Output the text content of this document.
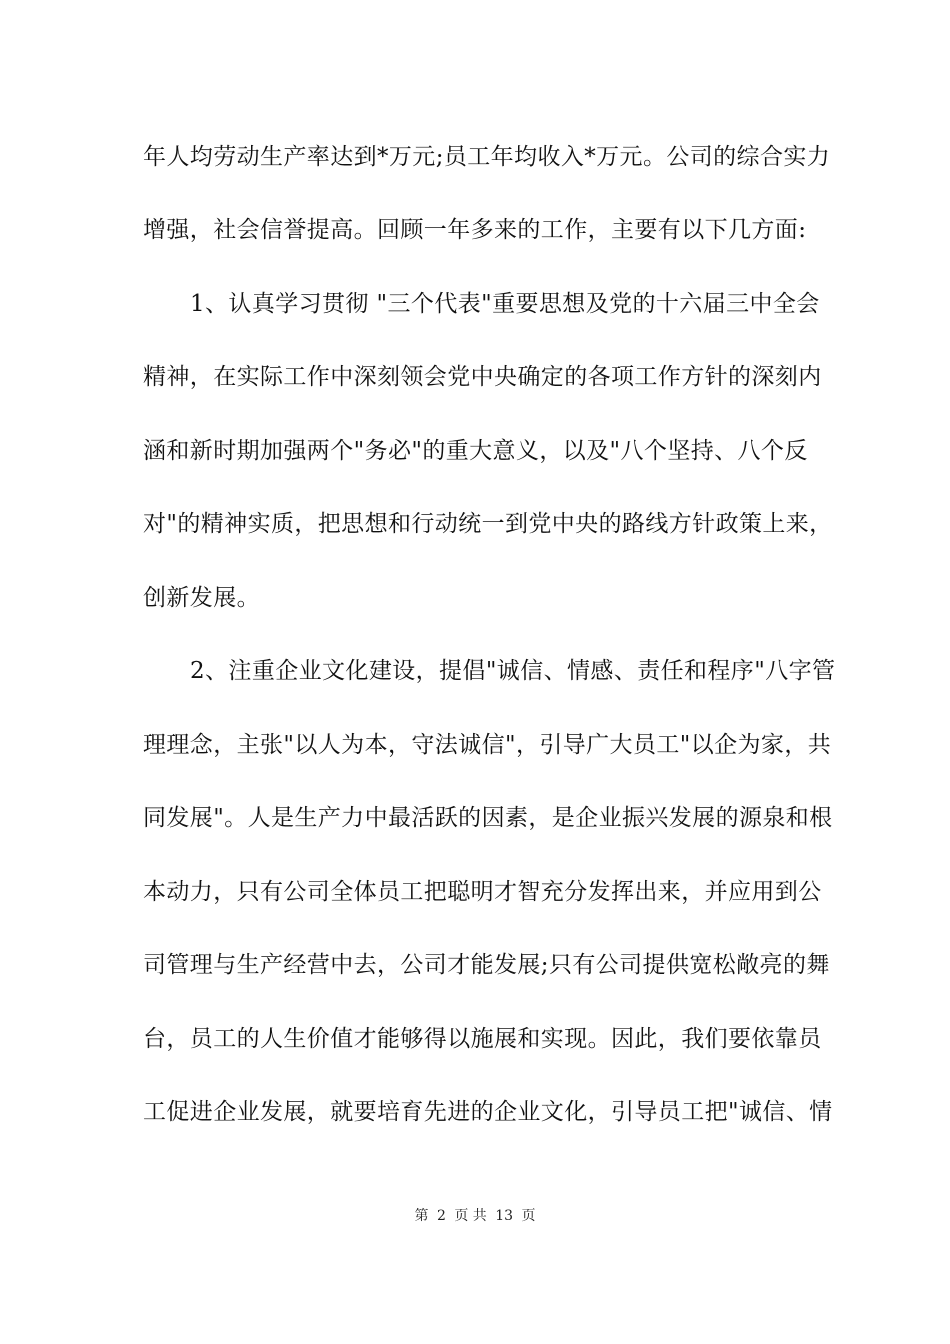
年人均劳动生产率达到*万元;员工年均收入*万元。公司的综合实力
增强，社会信誉提高。回顾一年多来的工作，主要有以下几方面:
1、认真学习贯彻 "三个代表"重要思想及党的十六届三中全会
精神，在实际工作中深刻领会党中央确定的各项工作方针的深刻内
涵和新时期加强两个"务必"的重大意义，以及"八个坚持、八个反
对"的精神实质，把思想和行动统一到党中央的路线方针政策上来，
创新发展。
2、注重企业文化建设，提倡"诚信、情感、责任和程序"八字管
理理念，主张"以人为本，守法诚信"，引导广大员工"以企为家，共
同发展"。人是生产力中最活跃的因素，是企业振兴发展的源泉和根
本动力，只有公司全体员工把聪明才智充分发挥出来，并应用到公
司管理与生产经营中去，公司才能发展;只有公司提供宽松敞亮的舞
台，员工的人生价值才能够得以施展和实现。因此，我们要依靠员
工促进企业发展，就要培育先进的企业文化，引导员工把"诚信、情
第 2 页 共 13 页
